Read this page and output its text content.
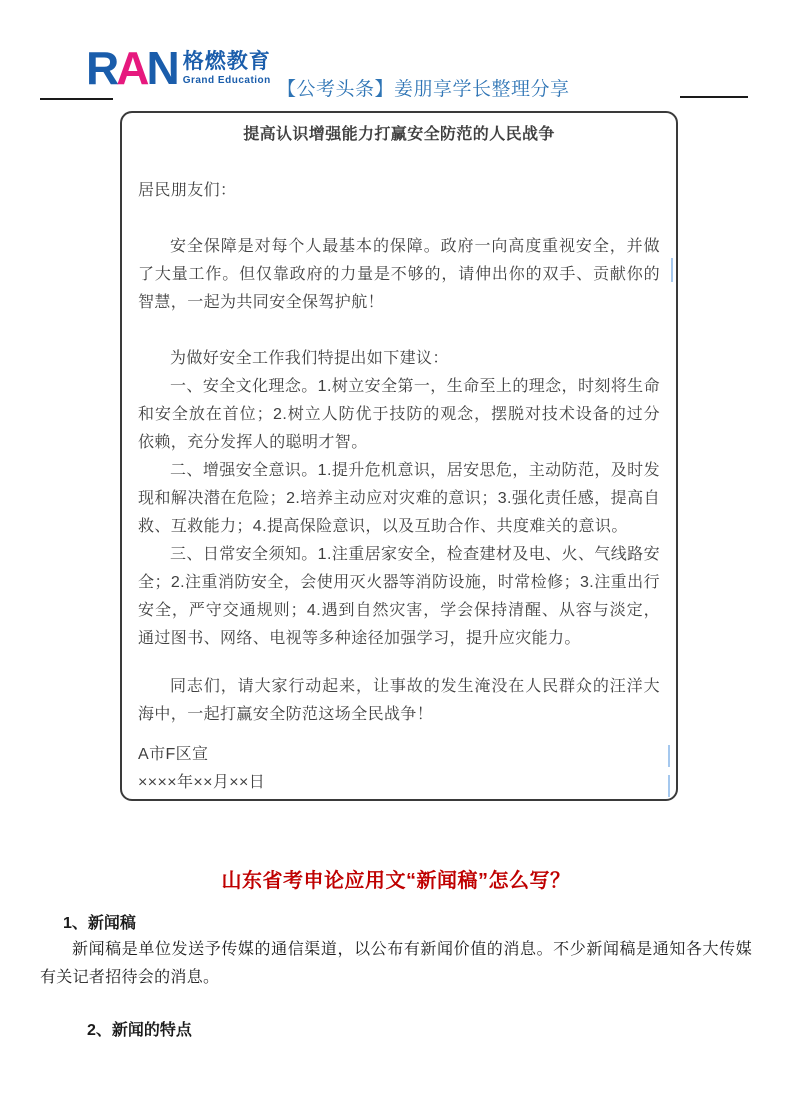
RAN 格燃教育
Grand Education 【公考头条】姜朋享学长整理分享
提高认识增强能力打赢安全防范的人民战争

居民朋友们：

安全保障是对每个人最基本的保障。政府一向高度重视安全，并做了大量工作。但仅靠政府的力量是不够的，请伸出你的双手、贡献你的智慧，一起为共同安全保驾护航！

为做好安全工作我们特提出如下建议：

一、安全文化理念。1.树立安全第一，生命至上的理念，时刻将生命和安全放在首位；2.树立人防优于技防的观念，摆脱对技术设备的过分依赖，充分发挥人的聪明才智。

二、增强安全意识。1.提升危机意识，居安思危，主动防范，及时发现和解决潜在危险；2.培养主动应对灾难的意识；3.强化责任感，提高自救、互救能力；4.提高保险意识，以及互助合作、共度难关的意识。

三、日常安全须知。1.注重居家安全，检查建材及电、火、气线路安全；2.注重消防安全，会使用灭火器等消防设施，时常检修；3.注重出行安全，严守交通规则；4.遇到自然灾害，学会保持清醒、从容与淡定，通过图书、网络、电视等多种途径加强学习，提升应灾能力。

同志们，请大家行动起来，让事故的发生淹没在人民群众的汪洋大海中，一起打赢安全防范这场全民战争！

A市F区宣

××××年××月××日

山东省考申论应用文“新闻稿”怎么写？
1、新闻稿
新闻稿是单位发送予传媒的通信渠道，以公布有新闻价值的消息。不少新闻稿是通知各大传媒有关记者招待会的消息。
2、新闻的特点
